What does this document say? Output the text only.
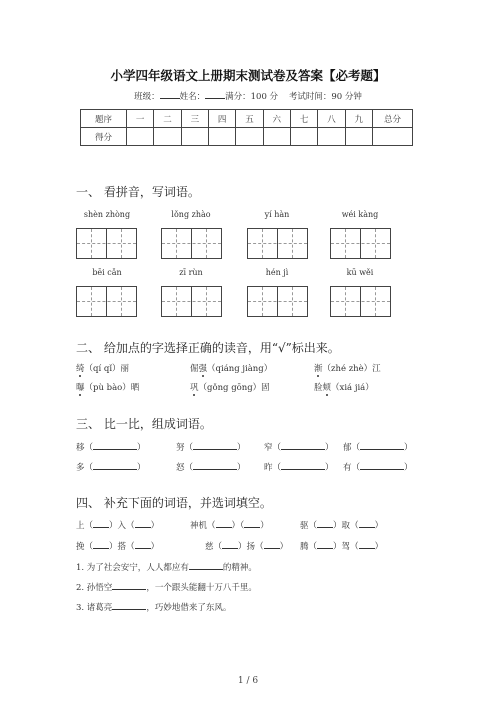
小学四年级语文上册期末测试卷及答案【必考题】
班级： 姓名： 满分：100 分 考试时间：90 分钟
题序	一	二	三	四	五	六	七	八	九	总分
得分										
一、 看拼音，写词语。
shèn zhòng	lǒng zhào	yí hàn	wéi kàng
bēi cǎn	zī rùn	hén jì	kū wěi
二、 给加点的字选择正确的读音，用“√”标出来。
绮（qí qǐ）丽	倔强（qiáng jiàng）	渐（zhé zhè）江
曝（pù bào）晒	巩（gǒng gōng）固	脸颊（xiá jiá）
三、 比一比，组成词语。
移（	）	努（	） 窄（	） 郁（	）
多（	）	怒（	） 昨（	） 有（	）
四、 补充下面的词语，并选词填空。
上（ ）入（ ）	神机（ ）（ ）	驱（ ）取（ ）
挽（ ）搭（ ）	慈（ ）扬（ ） 腾（ ）驾（ ）
1. 为了社会安宁，人人都应有	的精神。
2. 孙悟空	，一个跟头能翻十万八千里。
3. 诸葛亮	，巧妙地借来了东风。
1 / 6
